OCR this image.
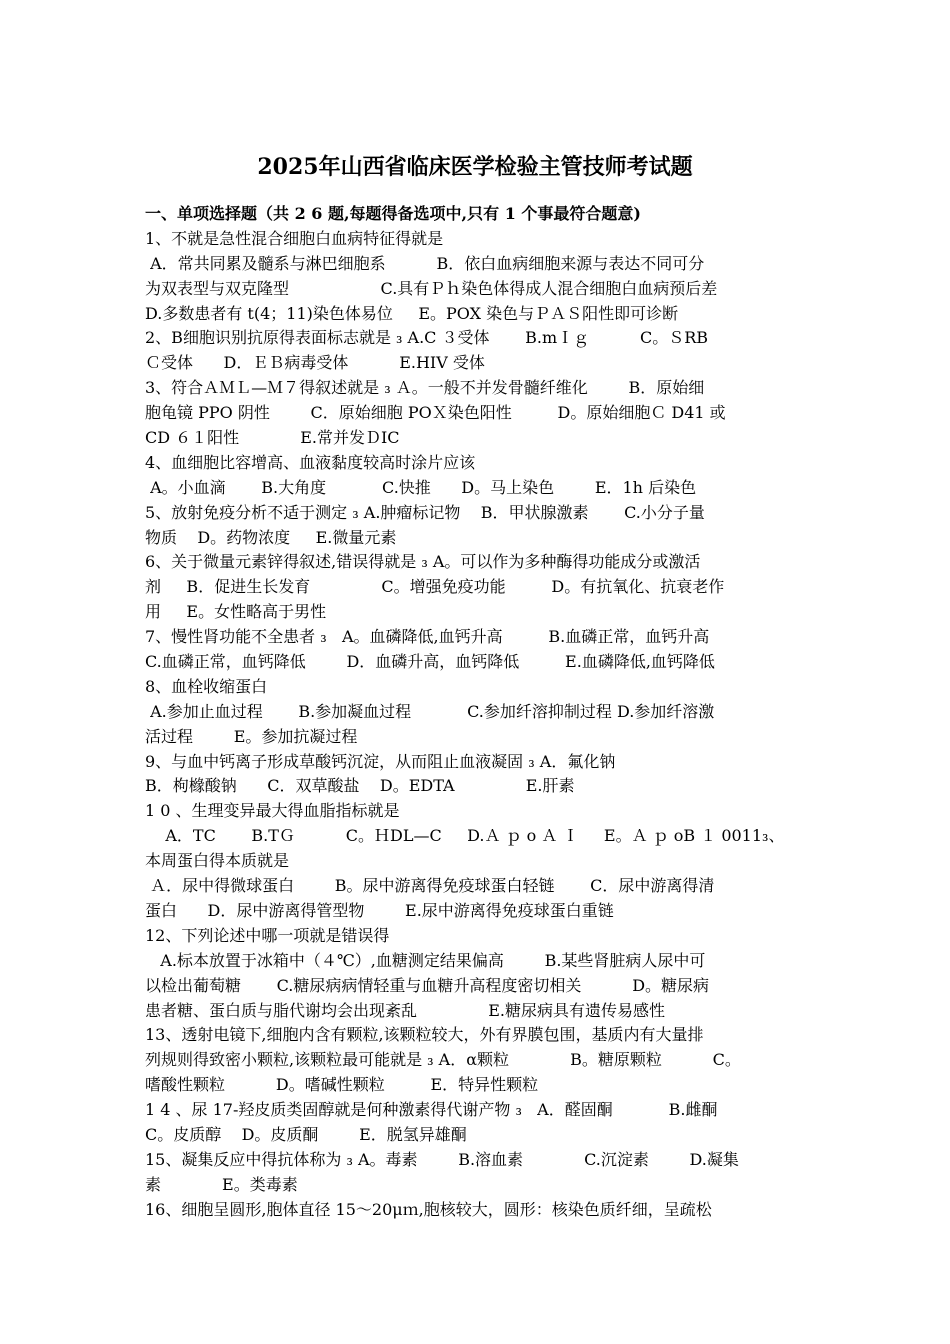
2025年山西省临床医学检验主管技师考试题
一、单项选择题（共 2 6 题,每题得备选项中,只有 1 个事最符合题意)
1、不就是急性混合细胞白血病特征得就是
A．常共同累及髓系与淋巴细胞系          B．依白血病细胞来源与表达不同可分
为双表型与双克隆型                  C.具有Ｐｈ染色体得成人混合细胞白血病预后差
D.多数患者有 t(4；11)染色体易位     E。POX 染色与ＰＡＳ阳性即可诊断
2、B细胞识别抗原得表面标志就是 ₃ A.C ３受体       B.mＩｇ          C。ＳRB
Ｃ受体      D．ＥＢ病毒受体          E.HIV 受体
3、符合ＡＭＬ—Ｍ７得叙述就是 ₃ Ａ。一般不并发骨髓纤维化        B．原始细
胞龟镜 PPO 阴性        C．原始细胞 POＸ染色阳性         D。原始细胞Ｃ D41 或
CD ６１阳性            E.常并发ＤIC
4、血细胞比容增高、血液黏度较高时涂片应该
A。小血滴       B.大角度           C.快推      D。马上染色        E．1h 后染色
5、放射免疫分析不适于测定 ₃ A.肿瘤标记物    B．甲状腺激素       C.小分子量
物质    D。药物浓度     E.微量元素
6、关于微量元素锌得叙述,错误得就是 ₃ A。可以作为多种酶得功能成分或激活
剂     B．促进生长发育              C。增强免疫功能         D。有抗氧化、抗衰老作
用     E。女性略高于男性
7、慢性肾功能不全患者 ₃   A。血磷降低,血钙升高         B.血磷正常，血钙升高
C.血磷正常，血钙降低        D．血磷升高，血钙降低         E.血磷降低,血钙降低
8、血栓收缩蛋白
A.参加止血过程       B.参加凝血过程           C.参加纤溶抑制过程 D.参加纤溶激
活过程        E。参加抗凝过程
9、与血中钙离子形成草酸钙沉淀，从而阻止血液凝固 ₃ A．氟化钠
B．枸橼酸钠      C．双草酸盐    D。EDTA              E.肝素
1 0 、生理变异最大得血脂指标就是
A．TC       B.TＧ          C。ＨDL—C     D.Ａ ｐ o Ａ Ｉ     E。Ａ ｐ oB １ 0011₃、
本周蛋白得本质就是
Ａ．尿中得微球蛋白        B。尿中游离得免疫球蛋白轻链       C．尿中游离得清
蛋白      D．尿中游离得管型物        E.尿中游离得免疫球蛋白重链
12、下列论述中哪一项就是错误得
A.标本放置于冰箱中（４℃）,血糖测定结果偏高        B.某些肾脏病人尿中可
以检出葡萄糖       C.糖尿病病情轻重与血糖升高程度密切相关          D。糖尿病
患者糖、蛋白质与脂代谢均会出现紊乱              E.糖尿病具有遗传易感性
13、透射电镜下,细胞内含有颗粒,该颗粒较大，外有界膜包围，基质内有大量排
列规则得致密小颗粒,该颗粒最可能就是 ₃ A．α颗粒            B。糖原颗粒          C。
嗜酸性颗粒          D。嗜碱性颗粒         E．特异性颗粒
1 4 、尿 17-羟皮质类固醇就是何种激素得代谢产物 ₃   A．醛固酮           B.雌酮
C。皮质醇    D。皮质酮        E．脱氢异雄酮
15、凝集反应中得抗体称为 ₃ A。毒素        B.溶血素            C.沉淀素        D.凝集
素            E。类毒素
16、细胞呈圆形,胞体直径 15～20μｍ,胞核较大，圆形：核染色质纤细，呈疏松
